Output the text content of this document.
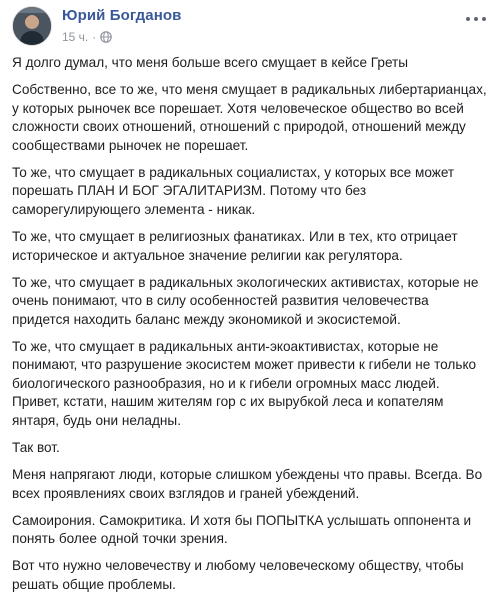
Юрий Богданов
15 ч. ·

Я долго думал, что меня больше всего смущает в кейсе Греты

Собственно, все то же, что меня смущает в радикальных либертарианцах, у которых рыночек все порешает. Хотя человеческое общество во всей сложности своих отношений, отношений с природой, отношений между сообществами рыночек не порешает.

То же, что смущает в радикальных социалистах, у которых все может порешать ПЛАН И БОГ ЭГАЛИТАРИЗМ. Потому что без саморегулирующего элемента - никак.

То же, что смущает в религиозных фанатиках. Или в тех, кто отрицает историческое и актуальное значение религии как регулятора.

То же, что смущает в радикальных экологических активистах, которые не очень понимают, что в силу особенностей развития человечества придется находить баланс между экономикой и экосистемой.

То же, что смущает в радикальных анти-экоактивистах, которые не понимают, что разрушение экосистем может привести к гибели не только биологического разнообразия, но и к гибели огромных масс людей. Привет, кстати, нашим жителям гор с их вырубкой леса и копателям янтаря, будь они неладны.

Так вот.

Меня напрягают люди, которые слишком убеждены что правы. Всегда. Во всех проявлениях своих взглядов и граней убеждений.

Самоирония. Самокритика. И хотя бы ПОПЫТКА услышать оппонента и понять более одной точки зрения.

Вот что нужно человечеству и любому человеческому обществу, чтобы решать общие проблемы.
